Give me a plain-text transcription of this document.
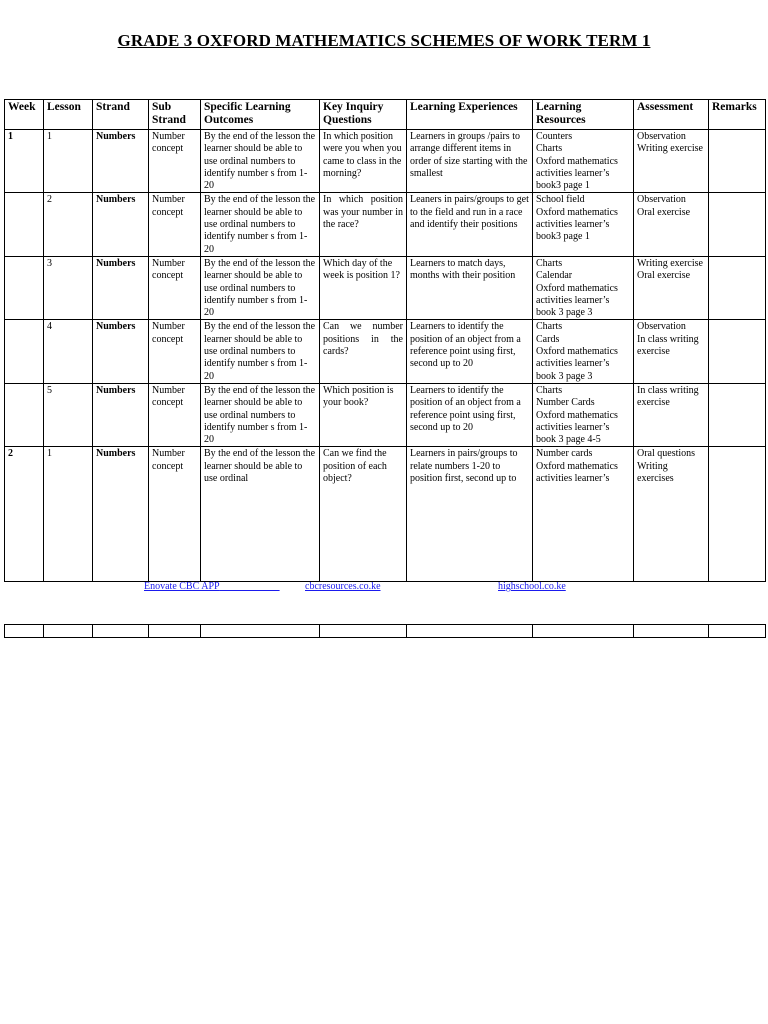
GRADE 3 OXFORD MATHEMATICS SCHEMES OF WORK TERM 1
Week	Lesson	Strand	Sub Strand	Specific Learning Outcomes	Key Inquiry Questions	Learning Experiences	Learning Resources	Assessment	Remarks
1	1	Numbers	Number concept	By the end of the lesson the learner should be able to use ordinal numbers to identify number s from 1-20	In which position were you when you came to class in the morning?	Learners in groups /pairs to arrange different items in order of size starting with the smallest	Counters
Charts
Oxford mathematics activities learner’s book3 page 1	Observation
Writing exercise	

	2	Numbers	Number concept	By the end of the lesson the learner should be able to use ordinal numbers to identify number s from 1-20	In which position was your number in the race?	Leaners in pairs/groups to get to the field and run in a race and identify their positions	School field
Oxford mathematics activities learner’s book3 page 1	Observation
Oral exercise	

	3	Numbers	Number concept	By the end of the lesson the learner should be able to use ordinal numbers to identify number s from 1-20	Which day of the week is position 1?	Learners to match days, months with their position	Charts
Calendar
Oxford mathematics activities learner’s book 3 page 3	Writing exercise
Oral exercise	

	4	Numbers	Number concept	By the end of the lesson the learner should be able to use ordinal numbers to identify number s from 1-20	Can we number positions in the cards?	Learners to identify the position of an object from a reference point using first, second up to 20	Charts
Cards
Oxford mathematics activities learner’s book 3 page 3	Observation
In class writing exercise	

	5	Numbers	Number concept	By the end of the lesson the learner should be able to use ordinal numbers to identify number s from 1-20	Which position is your book?	Learners to identify the position of an object from a reference point using first, second up to 20	Charts
Number Cards
Oxford mathematics activities learner’s book 3 page 4-5	In class writing exercise	

2	1	Numbers	Number concept	By the end of the lesson the learner should be able to use ordinal	Can we find the position of each object?	Learners in pairs/groups to relate numbers 1-20 to position first, second up to	Number cards
Oxford mathematics activities learner’s	Oral questions
Writing exercises	

Enovate CBC APP	cbcresources.co.ke	highschool.co.ke
